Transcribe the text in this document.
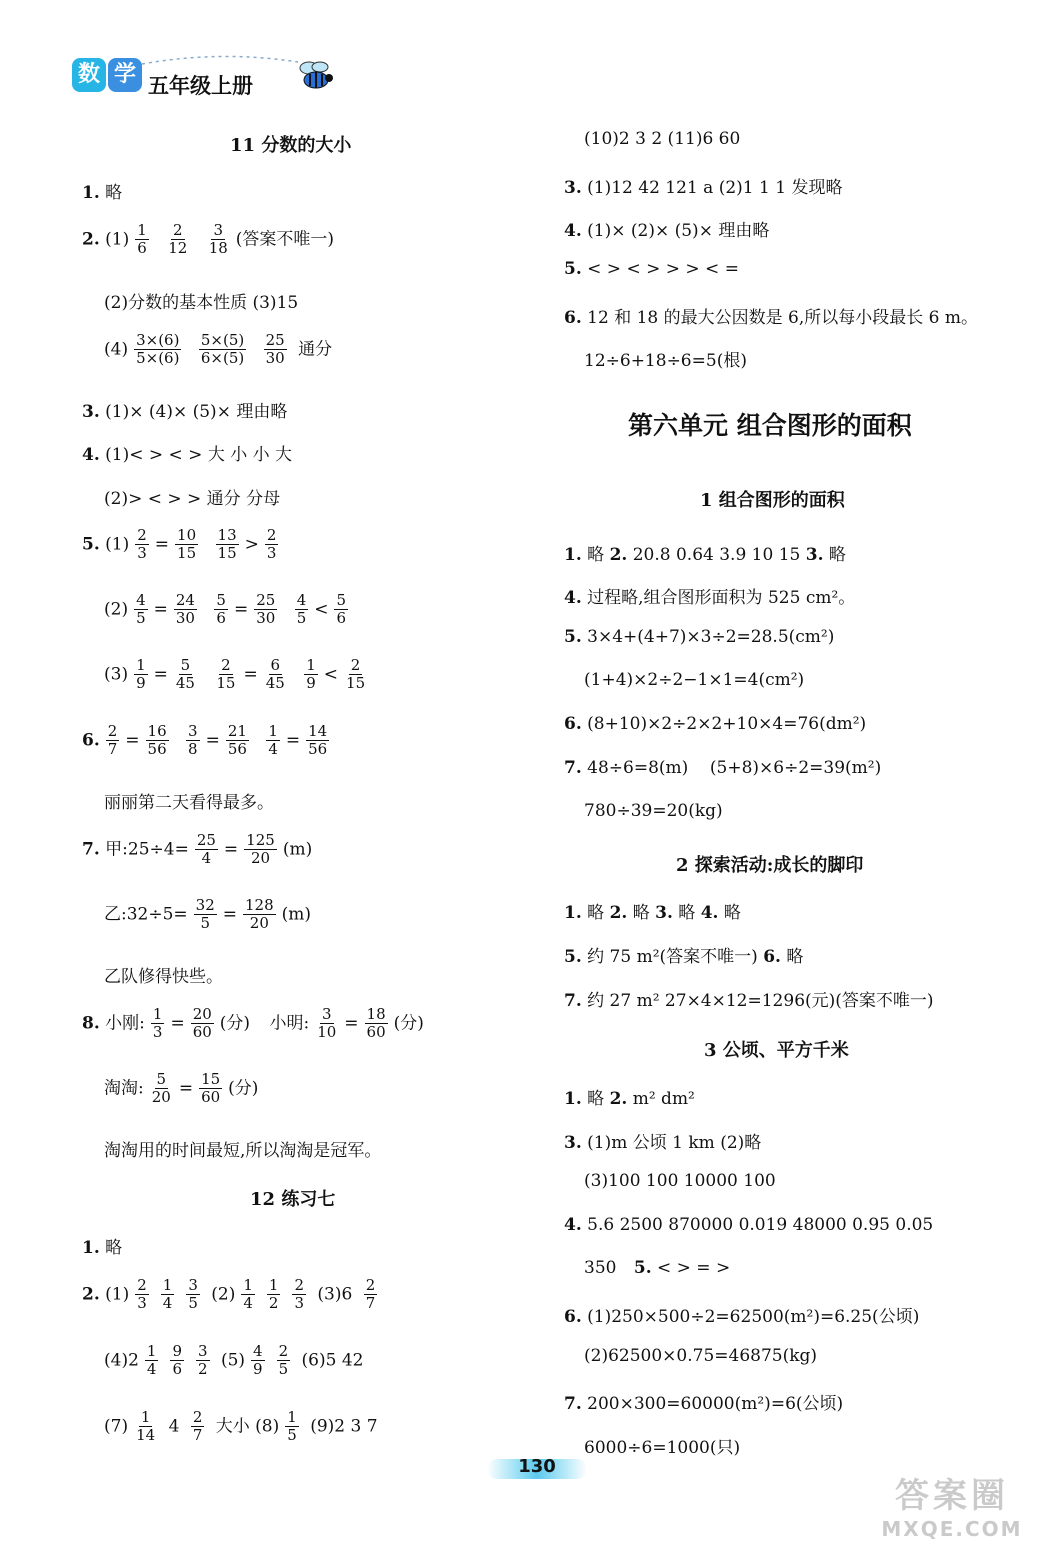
数 学 五年级上册
11 分数的大小
1. 略
2. $(1) \frac{1}{6}$
$\frac{2}{12}$
$\frac{3}{18}$ (答案不唯一)
(2)分数的基本性质 (3)15
$(4) \frac{3\times(6)}{5\times(6)}$
$\frac{5\times(5)}{6\times(5)}$
$\frac{25}{30}$ 通分
3. (1)× (4)× (5)× 理由略
4. (1)< > < > 大 小 小 大
(2)> < > > 通分 分母
5. $(1) \frac{2}{3} = \frac{10}{15}$
$\frac{13}{15} > \frac{2}{3}$
$(2) \frac{4}{5} = \frac{24}{30}$
$\frac{5}{6} = \frac{25}{30}$
$\frac{4}{5} < \frac{5}{6}$
$(3) \frac{1}{9} = \frac{5}{45}$
$\frac{2}{15} = \frac{6}{45}$
$\frac{1}{9} < \frac{2}{15}$
6. $\frac{2}{7} = \frac{16}{56}$
$\frac{3}{8} = \frac{21}{56}$
$\frac{1}{4} = \frac{14}{56}$
丽丽第二天看得最多。
7. 甲:25÷4= $\frac{25}{4} = \frac{125}{20} (m)$
乙:32÷5= $\frac{32}{5} = \frac{128}{20} (m)$
乙队修得快些。
8. 小刚: $\frac{1}{3} = \frac{20}{60}$ (分) 小明: $\frac{3}{10} = \frac{18}{60}$ (分)
淘淘: $\frac{5}{20} = \frac{15}{60}$ (分)
淘淘用的时间最短,所以淘淘是冠军。
12 练习七
1. 略
2. $(1) \frac{2}{3} \frac{1}{4} \frac{3}{5} (2) \frac{1}{4} \frac{1}{2} \frac{2}{3} (3)6 \frac{2}{7}$
$(4)2 \frac{1}{4} \frac{9}{6} \frac{3}{2} (5) \frac{4}{9} \frac{2}{5} (6)5$ 42
$(7) \frac{1}{14} 4 \frac{2}{7}$ 大小 $(8) \frac{1}{5} (9)2$ 3 7
(10)2 3 2 (11)6 60
3. (1)12 42 121 a (2)1 1 1 发现略
4. (1)× (2)× (5)× 理由略
5. < > < > > > < =
6. 12 和 18 的最大公因数是 6,所以每小段最长 6 m。
12÷6+18÷6=5(根)
第六单元 组合图形的面积
1 组合图形的面积
1. 略 2. 20.8 0.64 3.9 10 15 3. 略
4. 过程略,组合图形面积为 525 cm²。
5. 3×4+(4+7)×3÷2=28.5(cm²)
(1+4)×2÷2−1×1=4(cm²)
6. (8+10)×2÷2×2+10×4=76(dm²)
7. 48÷6=8(m)    (5+8)×6÷2=39(m²)
780÷39=20(kg)
2 探索活动:成长的脚印
1. 略 2. 略 3. 略 4. 略
5. 约 75 m²(答案不唯一) 6. 略
7. 约 27 m² 27×4×12=1296(元)(答案不唯一)
3 公顷、平方千米
1. 略 2. m² dm²
3. (1)m 公顷 1 km (2)略
(3)100 100 10000 100
4. 5.6 2500 870000 0.019 48000 0.95 0.05
350 5. < > = >
6. (1)250×500÷2=62500(m²)=6.25(公顷)
(2)62500×0.75=46875(kg)
7. 200×300=60000(m²)=6(公顷)
6000÷6=1000(只)
130
答案圈
MXQE.COM
